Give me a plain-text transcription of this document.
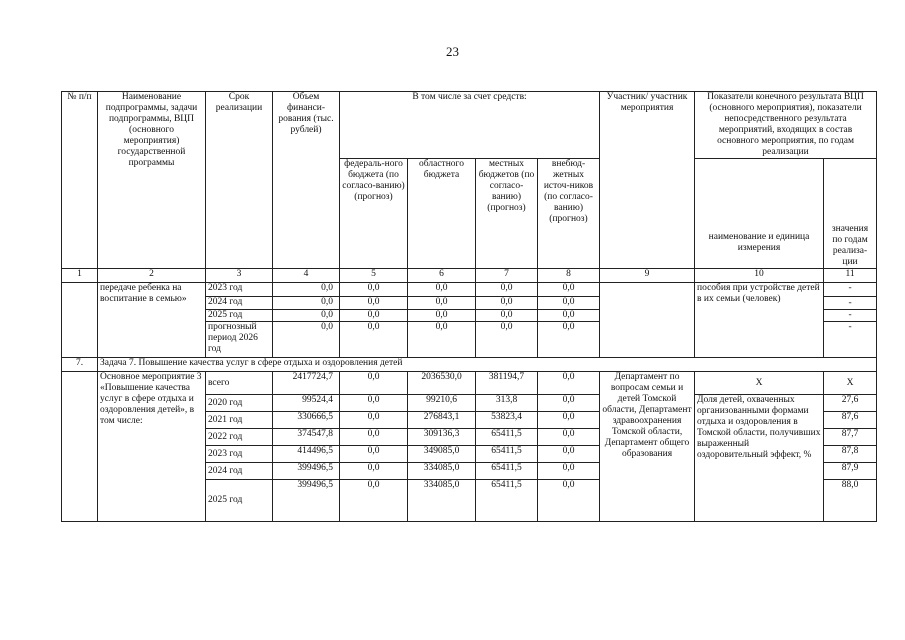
23
№ п/п	Наименование подпрограммы, задачи подпрограммы, ВЦП (основного мероприятия) государственной программы	Срок реализации	Объем финанси-рования (тыс. рублей)	В том числе за счет средств:				Участник/ участник мероприятия	Показатели конечного результата ВЦП (основного мероприятия), показатели непосредственного результата мероприятий, входящих в состав основного мероприятия, по годам реализации	
				федераль-ного бюджета (по согласо-ванию) (прогноз)	областного бюджета	местных бюджетов (по согласо-ванию) (прогноз)	внебюд-жетных источ-ников (по согласо-ванию) (прогноз)		наименование и единица измерения	значения по годам реализа-ции
1	2	3	4	5	6	7	8	9	10	11
	передаче ребенка на воспитание в семью»	2023 год	0,0	0,0	0,0	0,0	0,0		пособия при устройстве детей в их семьи (человек)	-
		2024 год	0,0	0,0	0,0	0,0	0,0			-
		2025 год	0,0	0,0	0,0	0,0	0,0			-
		прогнозный период 2026 год	0,0	0,0	0,0	0,0	0,0			-
7.	Задача 7. Повышение качества услуг в сфере отдыха и оздоровления детей									
	Основное мероприятие 3 «Повышение качества услуг в сфере отдыха и оздоровления детей», в том числе:	всего	2417724,7	0,0	2036530,0	381194,7	0,0	Департамент по вопросам семьи и детей Томской области, Департамент здравоохранения Томской области, Департамент общего образования	Х	Х
		2020 год	99524,4	0,0	99210,6	313,8	0,0		Доля детей, охваченных организованными формами отдыха и оздоровления в Томской области, получивших выраженный оздоровительный эффект, %	27,6
		2021 год	330666,5	0,0	276843,1	53823,4	0,0			87,6
		2022 год	374547,8	0,0	309136,3	65411,5	0,0			87,7
		2023 год	414496,5	0,0	349085,0	65411,5	0,0			87,8
		2024 год	399496,5	0,0	334085,0	65411,5	0,0			87,9
		2025 год	399496,5	0,0	334085,0	65411,5	0,0			88,0
